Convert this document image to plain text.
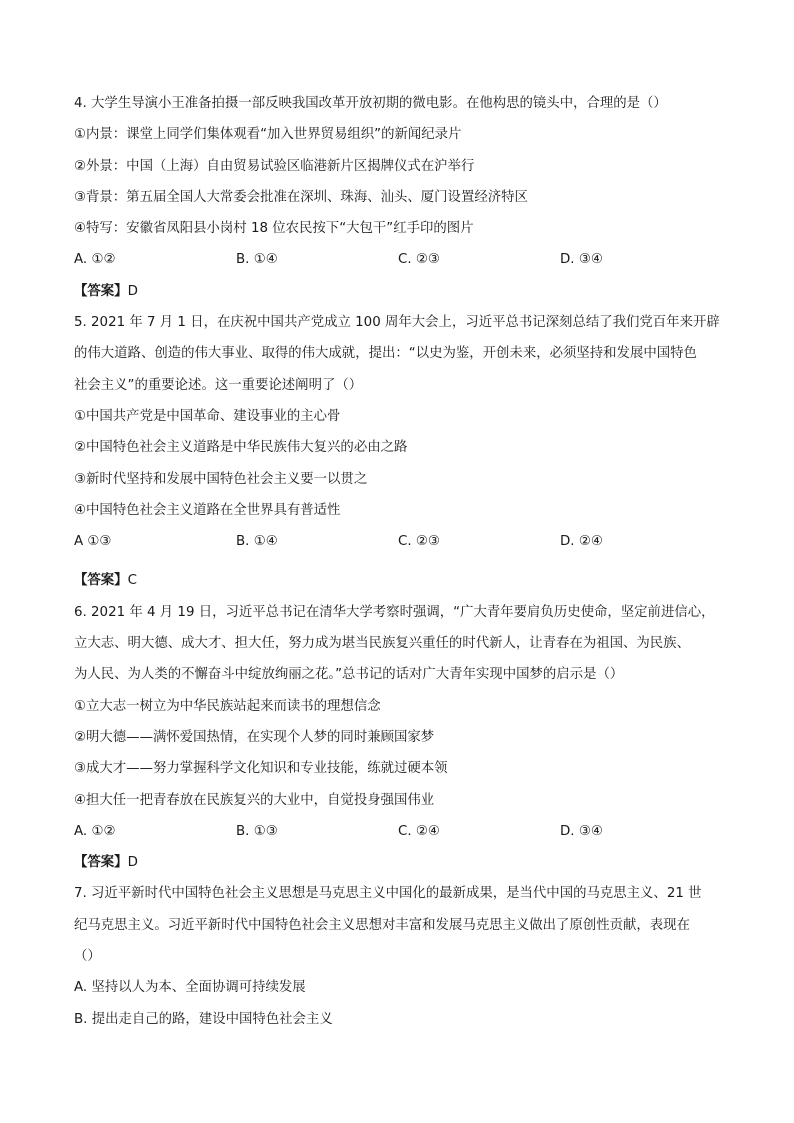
4. 大学生导演小王准备拍摄一部反映我国改革开放初期的微电影。在他构思的镜头中，合理的是（）
①内景：课堂上同学们集体观看“加入世界贸易组织”的新闻纪录片
②外景：中国（上海）自由贸易试验区临港新片区揭牌仪式在沪举行
③背景：第五届全国人大常委会批准在深圳、珠海、汕头、厦门设置经济特区
④特写：安徽省凤阳县小岗村 18 位农民按下“大包干”红手印的图片
A. ①②	B. ①④	C. ②③	D. ③④
【答案】D
5. 2021 年 7 月 1 日，在庆祝中国共产党成立 100 周年大会上，习近平总书记深刻总结了我们党百年来开辟
的伟大道路、创造的伟大事业、取得的伟大成就，提出：“以史为鉴，开创未来，必须坚持和发展中国特色
社会主义”的重要论述。这一重要论述阐明了（）
①中国共产党是中国革命、建设事业的主心骨
②中国特色社会主义道路是中华民族伟大复兴的必由之路
③新时代坚持和发展中国特色社会主义要一以贯之
④中国特色社会主义道路在全世界具有普适性
A ①③	B. ①④	C. ②③	D. ②④
【答案】C
6. 2021 年 4 月 19 日，习近平总书记在清华大学考察时强调，“广大青年要肩负历史使命，坚定前进信心，
立大志、明大德、成大才、担大任，努力成为堪当民族复兴重任的时代新人，让青春在为祖国、为民族、
为人民、为人类的不懈奋斗中绽放绚丽之花。”总书记的话对广大青年实现中国梦的启示是（）
①立大志一树立为中华民族站起来而读书的理想信念
②明大德——满怀爱国热情，在实现个人梦的同时兼顾国家梦
③成大才——努力掌握科学文化知识和专业技能，练就过硬本领
④担大任一把青春放在民族复兴的大业中，自觉投身强国伟业
A. ①②	B. ①③	C. ②④	D. ③④
【答案】D
7. 习近平新时代中国特色社会主义思想是马克思主义中国化的最新成果，是当代中国的马克思主义、21 世
纪马克思主义。习近平新时代中国特色社会主义思想对丰富和发展马克思主义做出了原创性贡献，表现在
（）
A. 坚持以人为本、全面协调可持续发展
B. 提出走自己的路，建设中国特色社会主义
